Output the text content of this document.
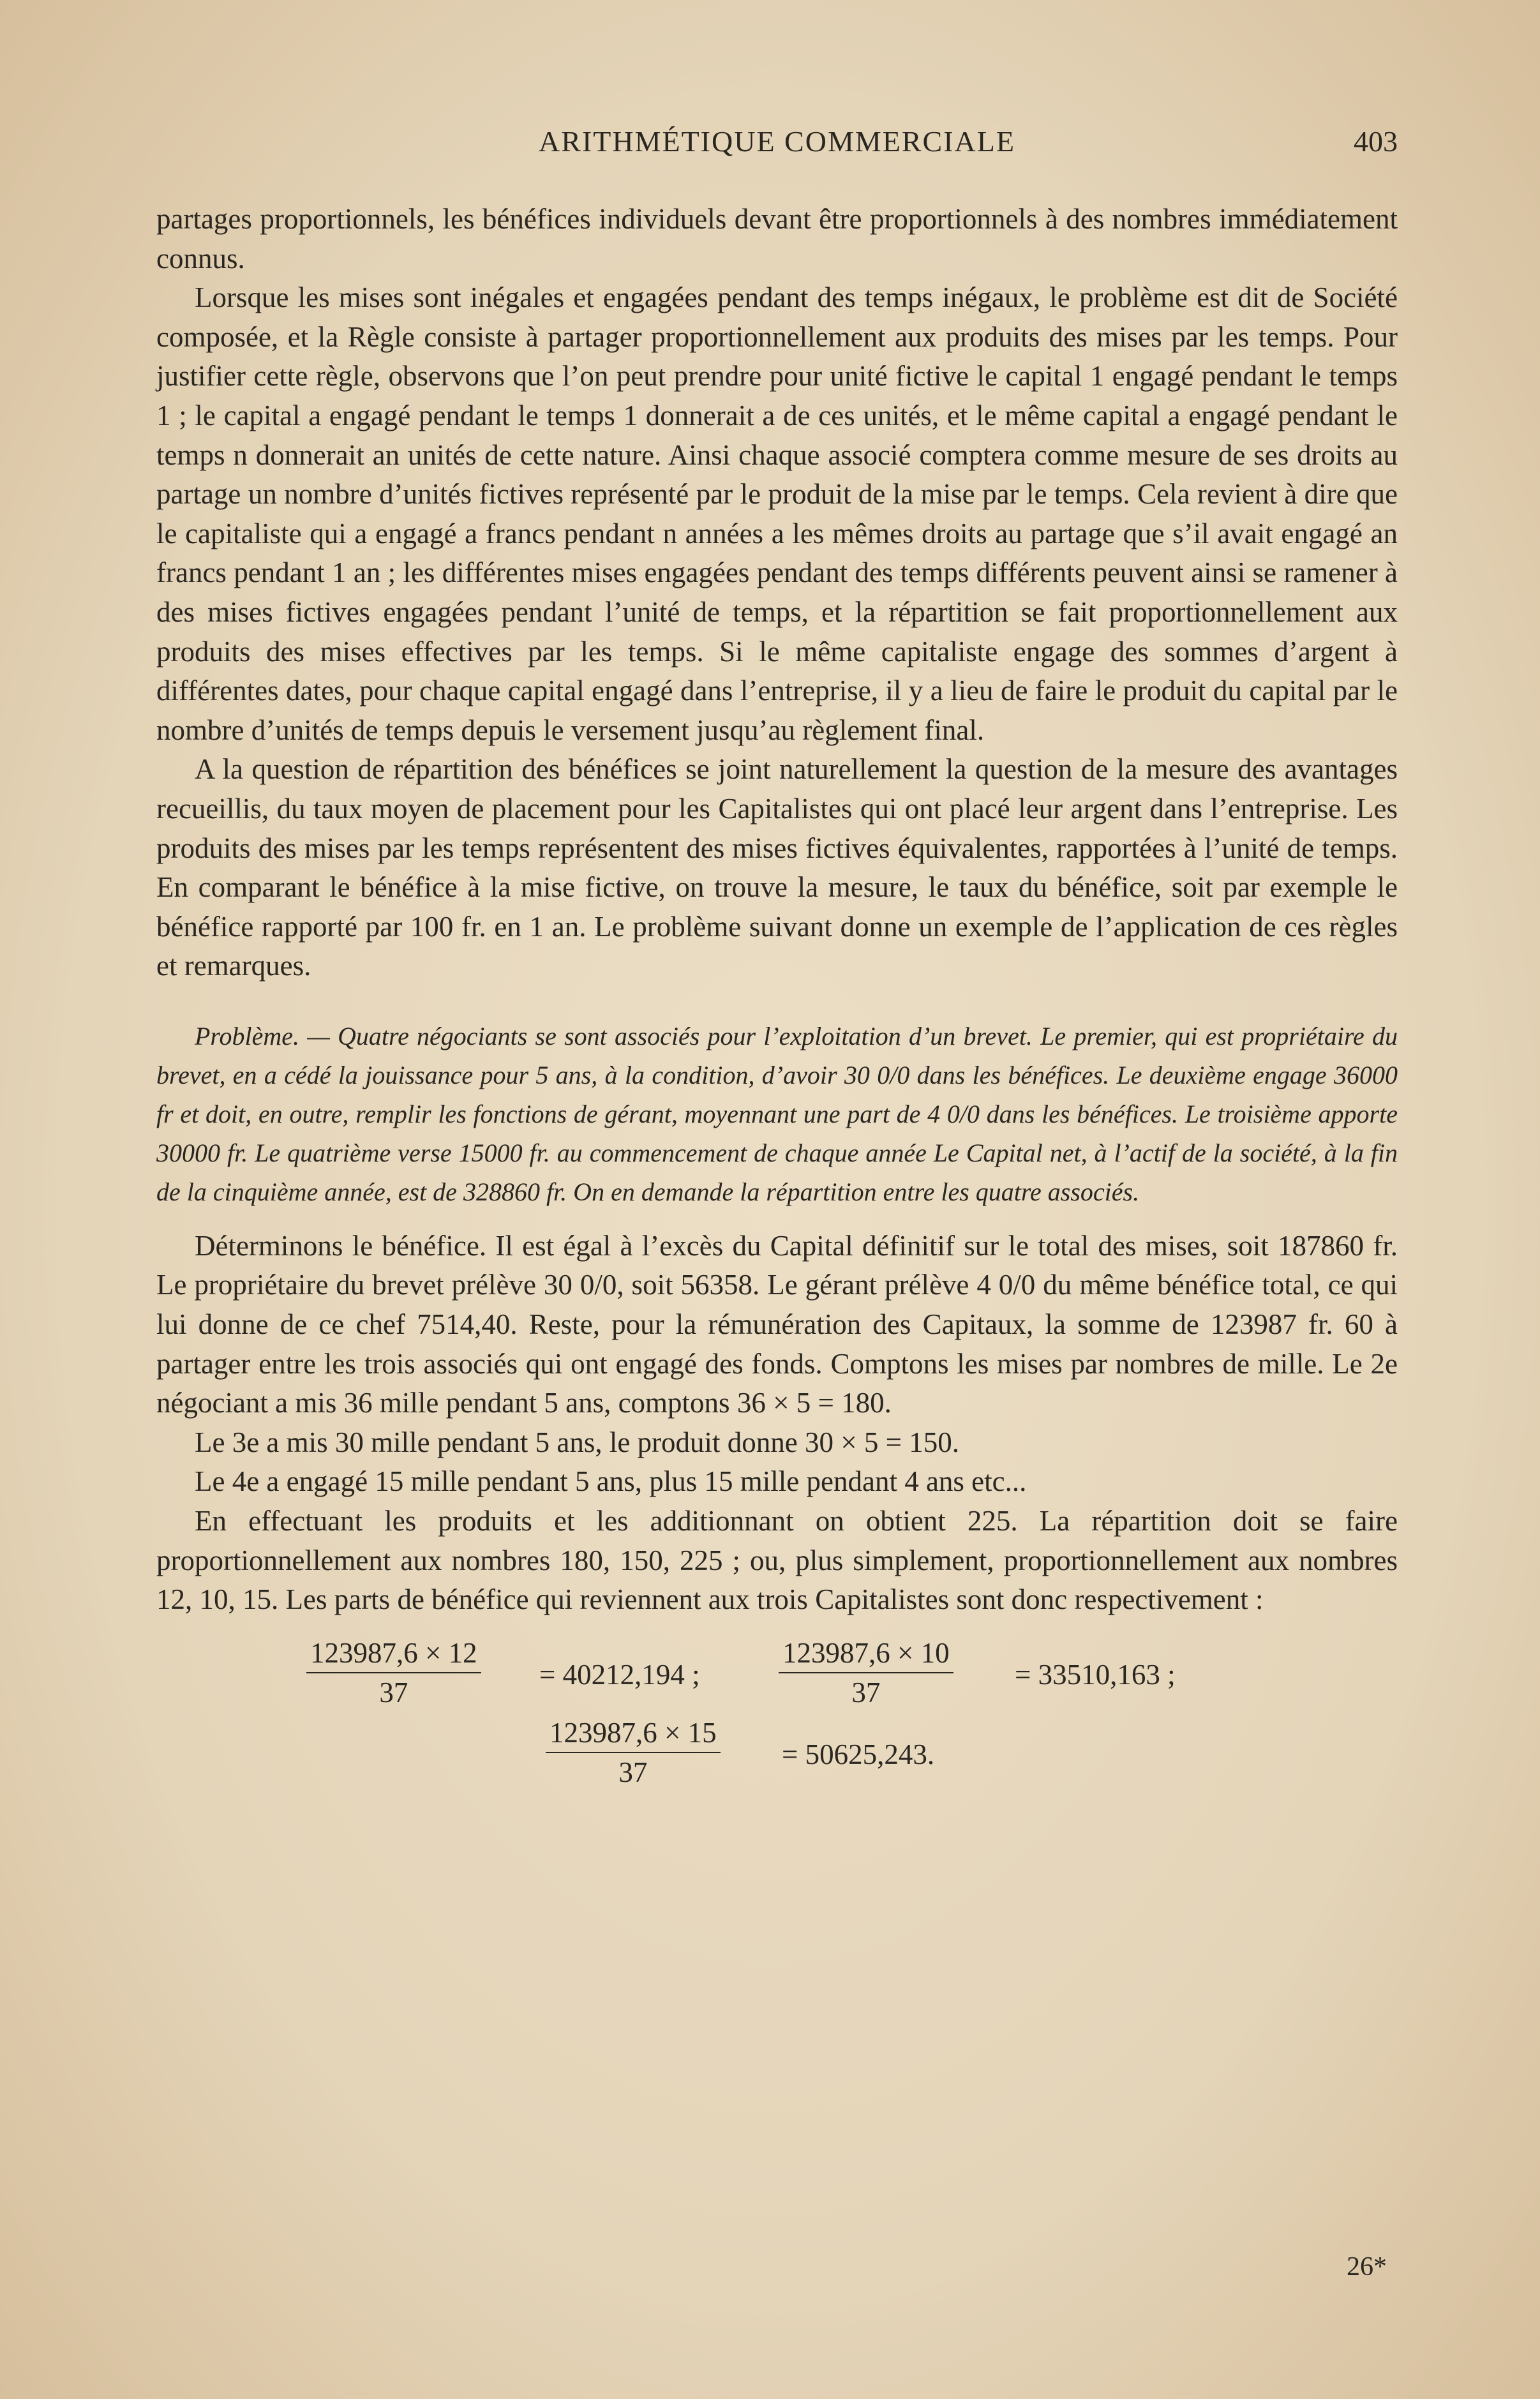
ARITHMÉTIQUE COMMERCIALE	403

partages proportionnels, les bénéfices individuels devant être proportionnels à des nombres immédiatement connus.

Lorsque les mises sont inégales et engagées pendant des temps inégaux, le problème est dit de Société composée, et la Règle consiste à partager proportionnellement aux produits des mises par les temps. Pour justifier cette règle, observons que l’on peut prendre pour unité fictive le capital 1 engagé pendant le temps 1 ; le capital a engagé pendant le temps 1 donnerait a de ces unités, et le même capital a engagé pendant le temps n donnerait an unités de cette nature. Ainsi chaque associé comptera comme mesure de ses droits au partage un nombre d’unités fictives représenté par le produit de la mise par le temps. Cela revient à dire que le capitaliste qui a engagé a francs pendant n années a les mêmes droits au partage que s’il avait engagé an francs pendant 1 an ; les différentes mises engagées pendant des temps différents peuvent ainsi se ramener à des mises fictives engagées pendant l’unité de temps, et la répartition se fait proportionnellement aux produits des mises effectives par les temps. Si le même capitaliste engage des sommes d’argent à différentes dates, pour chaque capital engagé dans l’entreprise, il y a lieu de faire le produit du capital par le nombre d’unités de temps depuis le versement jusqu’au règlement final.

A la question de répartition des bénéfices se joint naturellement la question de la mesure des avantages recueillis, du taux moyen de placement pour les Capitalistes qui ont placé leur argent dans l’entreprise. Les produits des mises par les temps représentent des mises fictives équivalentes, rapportées à l’unité de temps. En comparant le bénéfice à la mise fictive, on trouve la mesure, le taux du bénéfice, soit par exemple le bénéfice rapporté par 100 fr. en 1 an. Le problème suivant donne un exemple de l’application de ces règles et remarques.

Problème. — Quatre négociants se sont associés pour l’exploitation d’un brevet. Le premier, qui est propriétaire du brevet, en a cédé la jouissance pour 5 ans, à la condition, d’avoir 30 0/0 dans les bénéfices. Le deuxième engage 36000 fr et doit, en outre, remplir les fonctions de gérant, moyennant une part de 4 0/0 dans les bénéfices. Le troisième apporte 30000 fr. Le quatrième verse 15000 fr. au commencement de chaque année Le Capital net, à l’actif de la société, à la fin de la cinquième année, est de 328860 fr. On en demande la répartition entre les quatre associés.

Déterminons le bénéfice. Il est égal à l’excès du Capital définitif sur le total des mises, soit 187860 fr. Le propriétaire du brevet prélève 30 0/0, soit 56358. Le gérant prélève 4 0/0 du même bénéfice total, ce qui lui donne de ce chef 7514,40. Reste, pour la rémunération des Capitaux, la somme de 123987 fr. 60 à partager entre les trois associés qui ont engagé des fonds. Comptons les mises par nombres de mille. Le 2e négociant a mis 36 mille pendant 5 ans, comptons 36 × 5 = 180.

Le 3e a mis 30 mille pendant 5 ans, le produit donne 30 × 5 = 150.

Le 4e a engagé 15 mille pendant 5 ans, plus 15 mille pendant 4 ans etc...

En effectuant les produits et les additionnant on obtient 225. La répartition doit se faire proportionnellement aux nombres 180, 150, 225 ; ou, plus simplement, proportionnellement aux nombres 12, 10, 15. Les parts de bénéfice qui reviennent aux trois Capitalistes sont donc respectivement :

$\frac{123987,6 \times 12}{37} = 40212,194$ ;	$\frac{123987,6 \times 10}{37} = 33510,163$ ;
$\frac{123987,6 \times 15}{37} = 50625,243$.
26*
